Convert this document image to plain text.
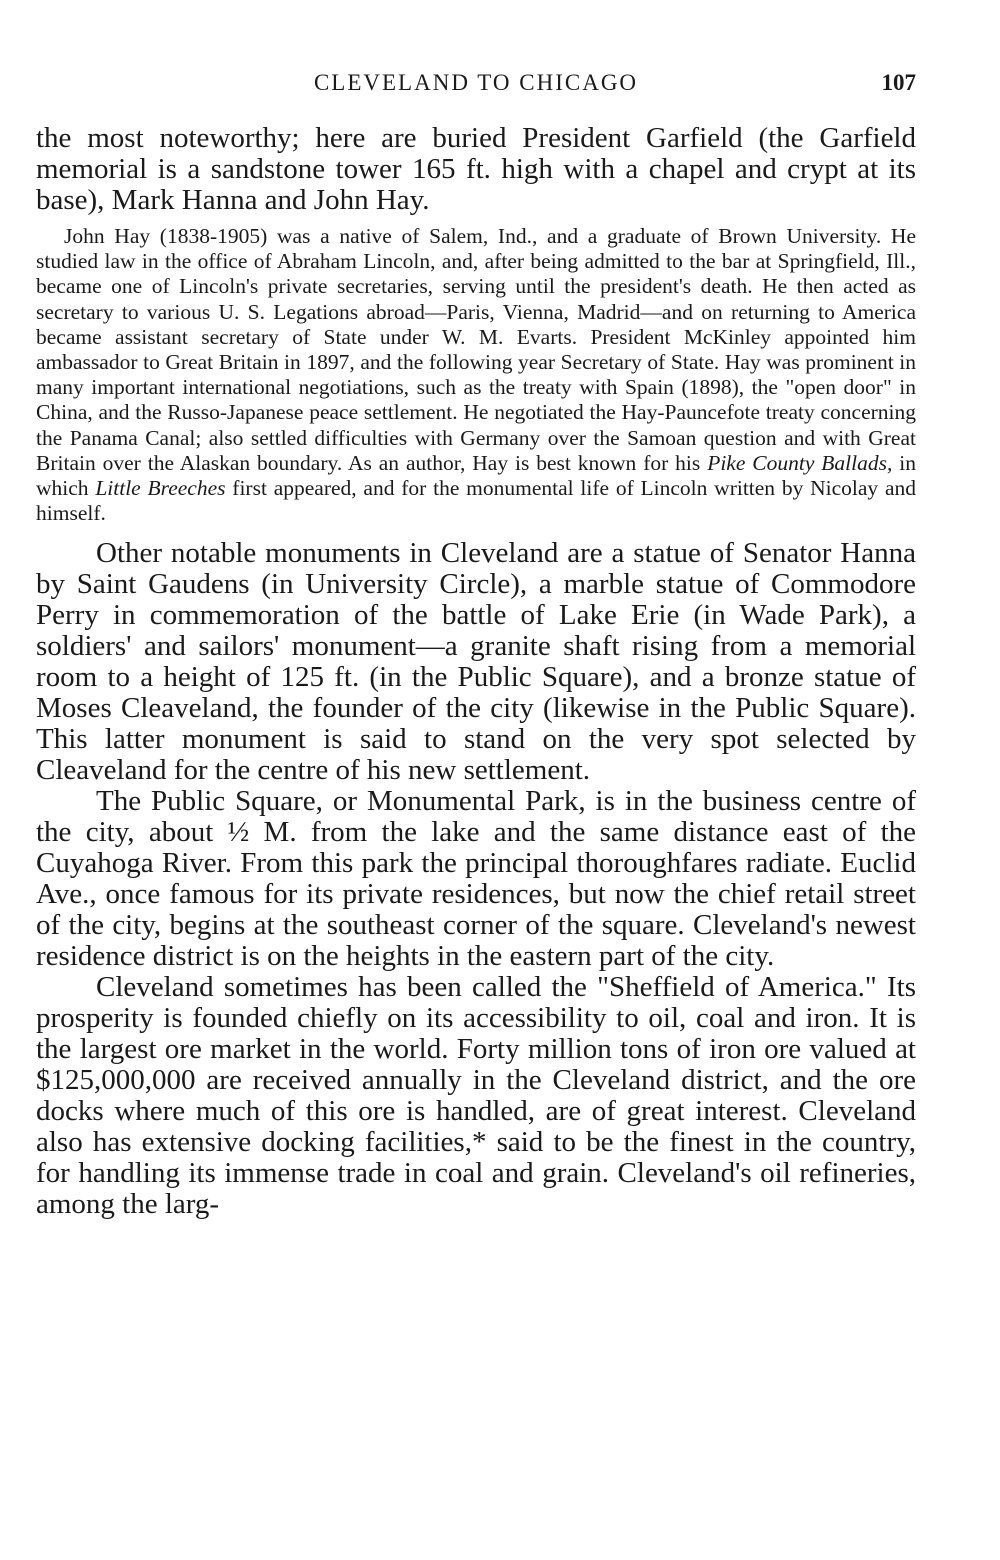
CLEVELAND TO CHICAGO	107

the most noteworthy; here are buried President Garfield (the Garfield memorial is a sandstone tower 165 ft. high with a chapel and crypt at its base), Mark Hanna and John Hay.

John Hay (1838-1905) was a native of Salem, Ind., and a graduate of Brown University. He studied law in the office of Abraham Lincoln, and, after being admitted to the bar at Springfield, Ill., became one of Lincoln's private secretaries, serving until the president's death. He then acted as secretary to various U. S. Legations abroad—Paris, Vienna, Madrid—and on returning to America became assistant secretary of State under W. M. Evarts. President McKinley appointed him ambassador to Great Britain in 1897, and the following year Secretary of State. Hay was prominent in many important international negotiations, such as the treaty with Spain (1898), the "open door" in China, and the Russo-Japanese peace settlement. He negotiated the Hay-Pauncefote treaty concerning the Panama Canal; also settled difficulties with Germany over the Samoan question and with Great Britain over the Alaskan boundary. As an author, Hay is best known for his Pike County Ballads, in which Little Breeches first appeared, and for the monumental life of Lincoln written by Nicolay and himself.

Other notable monuments in Cleveland are a statue of Senator Hanna by Saint Gaudens (in University Circle), a marble statue of Commodore Perry in commemoration of the battle of Lake Erie (in Wade Park), a soldiers' and sailors' monument—a granite shaft rising from a memorial room to a height of 125 ft. (in the Public Square), and a bronze statue of Moses Cleaveland, the founder of the city (likewise in the Public Square). This latter monument is said to stand on the very spot selected by Cleaveland for the centre of his new settlement.

The Public Square, or Monumental Park, is in the business centre of the city, about ½ M. from the lake and the same distance east of the Cuyahoga River. From this park the principal thoroughfares radiate. Euclid Ave., once famous for its private residences, but now the chief retail street of the city, begins at the southeast corner of the square. Cleveland's newest residence district is on the heights in the eastern part of the city.

Cleveland sometimes has been called the "Sheffield of America." Its prosperity is founded chiefly on its accessibility to oil, coal and iron. It is the largest ore market in the world. Forty million tons of iron ore valued at $125,000,000 are received annually in the Cleveland district, and the ore docks where much of this ore is handled, are of great interest. Cleveland also has extensive docking facilities,* said to be the finest in the country, for handling its immense trade in coal and grain. Cleveland's oil refineries, among the larg-
